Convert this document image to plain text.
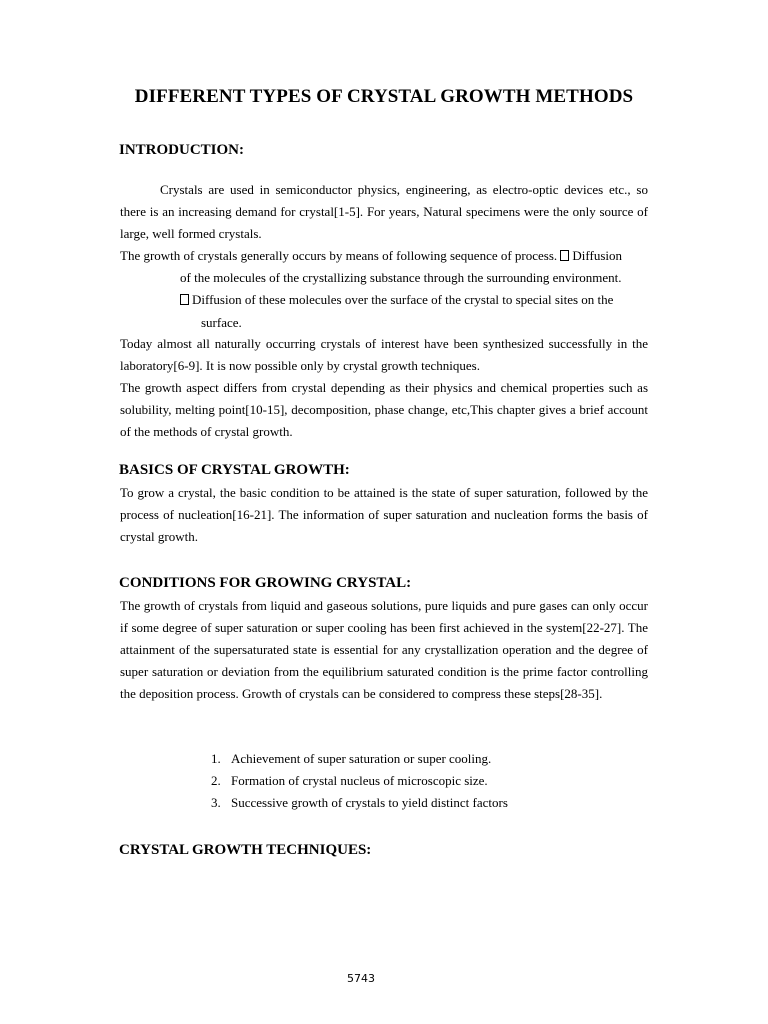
DIFFERENT TYPES OF CRYSTAL GROWTH METHODS
INTRODUCTION:
Crystals are used in semiconductor physics, engineering, as electro-optic devices etc., so there is an increasing demand for crystal[1-5]. For years, Natural specimens were the only source of large, well formed crystals.
The growth of crystals generally occurs by means of following sequence of process. Diffusion
of the molecules of the crystallizing substance through the surrounding environment.
Diffusion of these molecules over the surface of the crystal to special sites on the
surface.
Today almost all naturally occurring crystals of interest have been synthesized successfully in the laboratory[6-9]. It is now possible only by crystal growth techniques.
The growth aspect differs from crystal depending as their physics and chemical properties such as solubility, melting point[10-15], decomposition, phase change, etc,This chapter gives a brief account of the methods of crystal growth.
BASICS OF CRYSTAL GROWTH:
To grow a crystal, the basic condition to be attained is the state of super saturation, followed by the process of nucleation[16-21]. The information of super saturation and nucleation forms the basis of crystal growth.
CONDITIONS FOR GROWING CRYSTAL:
The growth of crystals from liquid and gaseous solutions, pure liquids and pure gases can only occur if some degree of super saturation or super cooling has been first achieved in the system[22-27]. The attainment of the supersaturated state is essential for any crystallization operation and the degree of super saturation or deviation from the equilibrium saturated condition is the prime factor controlling the deposition process. Growth of crystals can be considered to compress these steps[28-35].
1. Achievement of super saturation or super cooling.
2. Formation of crystal nucleus of microscopic size.
3. Successive growth of crystals to yield distinct factors
CRYSTAL GROWTH TECHNIQUES:
5743
